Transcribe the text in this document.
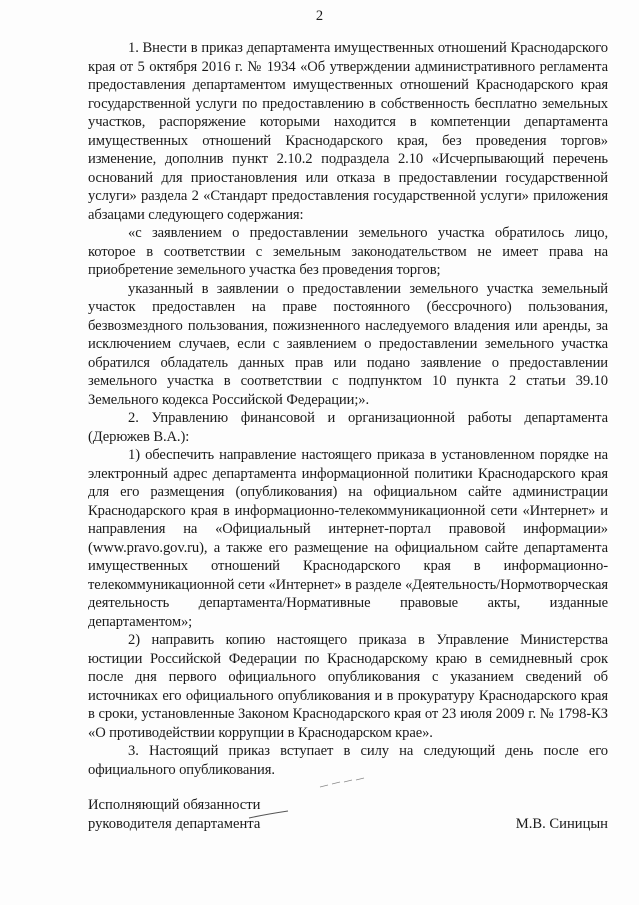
2

1. Внести в приказ департамента имущественных отношений Краснодарского края от 5 октября 2016 г. № 1934 «Об утверждении административного регламента предоставления департаментом имущественных отношений Краснодарского края государственной услуги по предоставлению в собственность бесплатно земельных участков, распоряжение которыми находится в компетенции департамента имущественных отношений Краснодарского края, без проведения торгов» изменение, дополнив пункт 2.10.2 подраздела 2.10 «Исчерпывающий перечень оснований для приостановления или отказа в предоставлении государственной услуги» раздела 2 «Стандарт предоставления государственной услуги» приложения абзацами следующего содержания:

«с заявлением о предоставлении земельного участка обратилось лицо, которое в соответствии с земельным законодательством не имеет права на приобретение земельного участка без проведения торгов;

указанный в заявлении о предоставлении земельного участка земельный участок предоставлен на праве постоянного (бессрочного) пользования, безвозмездного пользования, пожизненного наследуемого владения или аренды, за исключением случаев, если с заявлением о предоставлении земельного участка обратился обладатель данных прав или подано заявление о предоставлении земельного участка в соответствии с подпунктом 10 пункта 2 статьи 39.10 Земельного кодекса Российской Федерации;».

2. Управлению финансовой и организационной работы департамента (Дерюжев В.А.):

1) обеспечить направление настоящего приказа в установленном порядке на электронный адрес департамента информационной политики Краснодарского края для его размещения (опубликования) на официальном сайте администрации Краснодарского края в информационно-телекоммуникационной сети «Интернет» и направления на «Официальный интернет-портал правовой информации» (www.pravo.gov.ru), а также его размещение на официальном сайте департамента имущественных отношений Краснодарского края в информационно-телекоммуникационной сети «Интернет» в разделе «Деятельность/Нормотворческая деятельность департамента/Нормативные правовые акты, изданные департаментом»;

2) направить копию настоящего приказа в Управление Министерства юстиции Российской Федерации по Краснодарскому краю в семидневный срок после дня первого официального опубликования с указанием сведений об источниках его официального опубликования и в прокуратуру Краснодарского края в сроки, установленные Законом Краснодарского края от 23 июля 2009 г. № 1798-КЗ «О противодействии коррупции в Краснодарском крае».

3. Настоящий приказ вступает в силу на следующий день после его официального опубликования.

Исполняющий обязанности
руководителя департамента	М.В. Синицын
